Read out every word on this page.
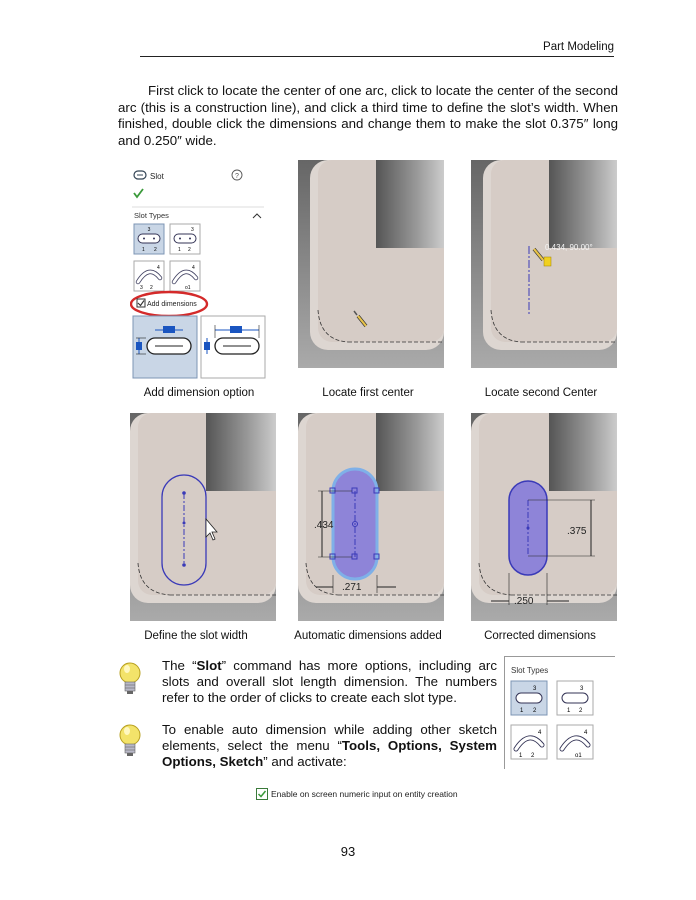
Part Modeling

First click to locate the center of one arc, click to locate the center of the second arc (this is a construction line), and click a third time to define the slot’s width. When finished, double click the dimensions and change them to make the slot 0.375″ long and 0.250″ wide.

Slot	?
Slot Types
3
1 2
3
1 2
4
3 2
4
o1
Add dimensions
0.434, 90.00°
.434
.271
.375
.250
Add dimension option	Locate first center	Locate second Center
Define the slot width	Automatic dimensions added	Corrected dimensions

The “Slot” command has more options, including arc slots and overall slot length dimension. The numbers refer to the order of clicks to create each slot type.

To enable auto dimension while adding other sketch elements, select the menu “Tools, Options, System Options, Sketch” and activate:

Slot Types
3
1 2
3
1 2
4
1 2
4
o1
Enable on screen numeric input on entity creation
93
